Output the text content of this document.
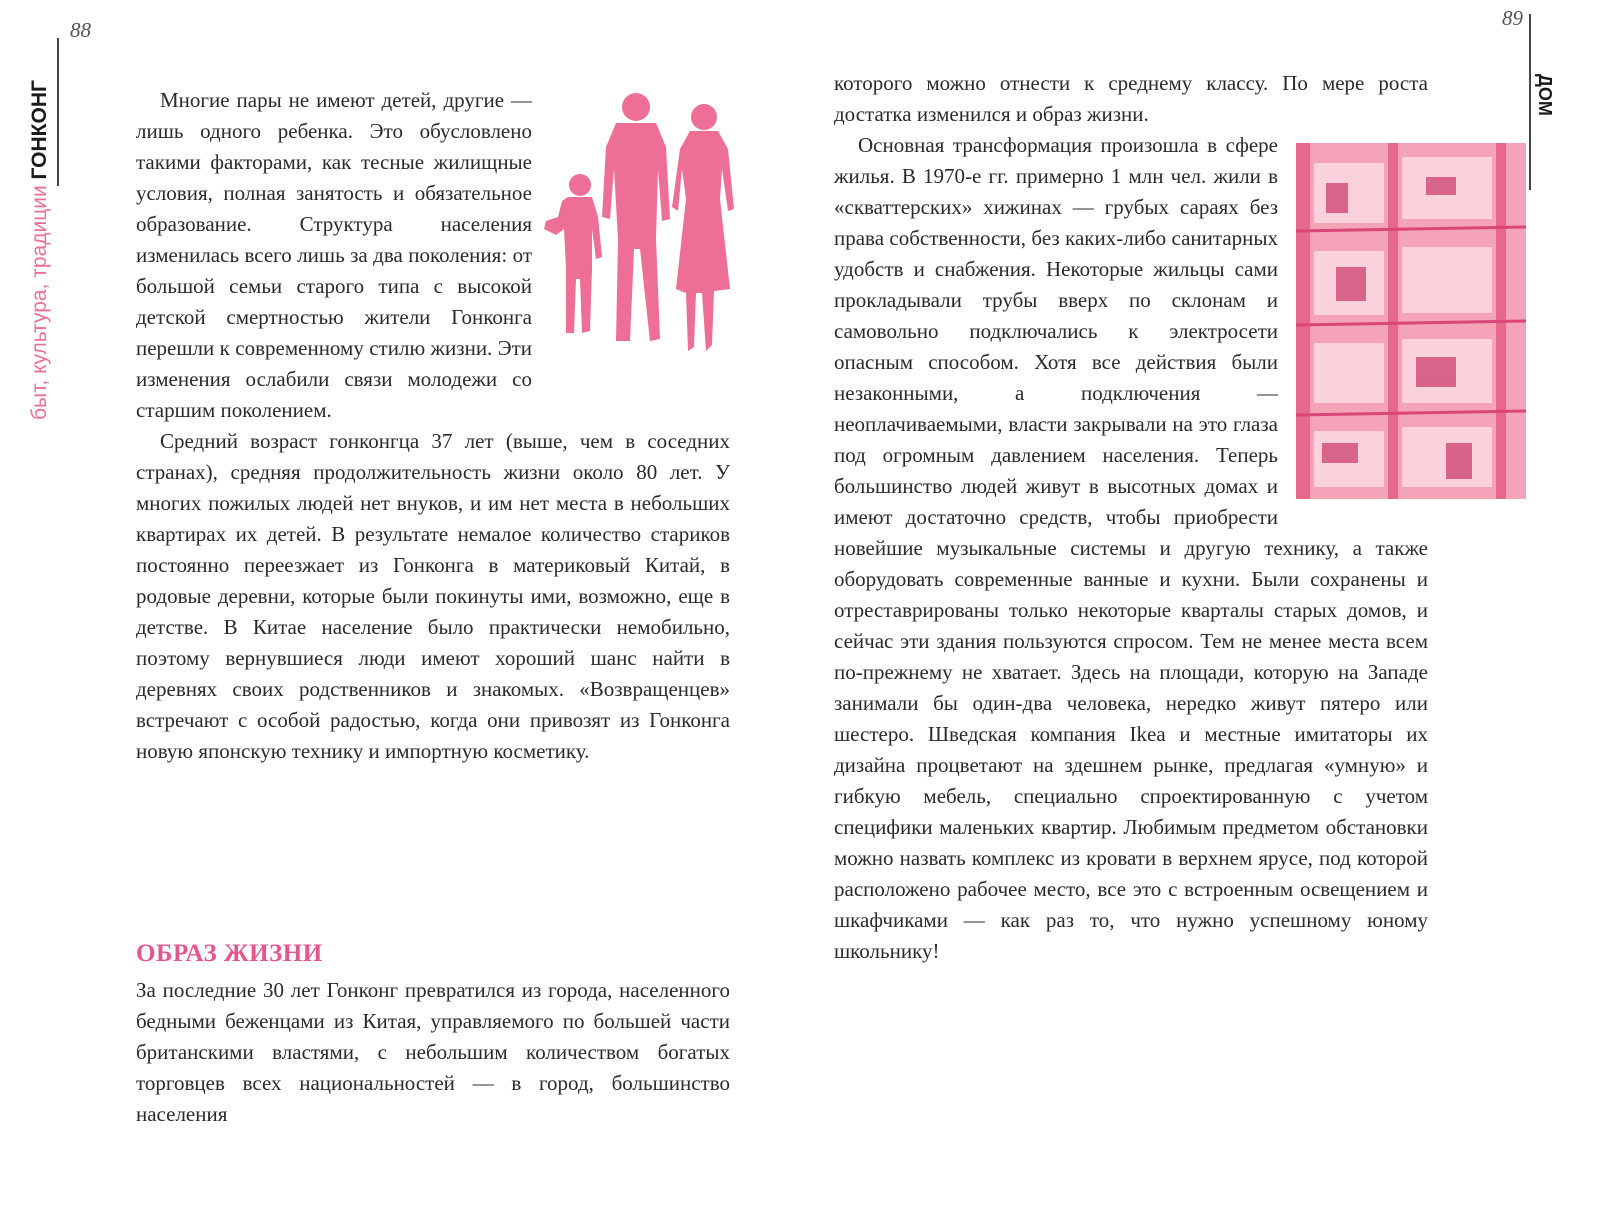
88
быт, культура, традиции ГОНКОНГ	Многие пары не имеют детей, другие — лишь одного ребенка. Это обусловлено такими факторами, как тесные жилищные условия, полная занятость и обязательное образование. Структура населения изменилась всего лишь за два поколения: от большой семьи старого типа с высокой детской смертностью жители Гонконга перешли к современному стилю жизни. Эти изменения ослабили связи молодежи со старшим поколением.

Средний возраст гонконгца 37 лет (выше, чем в соседних странах), средняя продолжительность жизни около 80 лет. У многих пожилых людей нет внуков, и им нет места в небольших квартирах их детей. В результате немалое количество стариков постоянно переезжает из Гонконга в материковый Китай, в родовые деревни, которые были покинуты ими, возможно, еще в детстве. В Китае население было практически немобильно, поэтому вернувшиеся люди имеют хороший шанс найти в деревнях своих родственников и знакомых. «Возвращенцев» встречают с особой радостью, когда они привозят из Гонконга новую японскую технику и импортную косметику.

ОБРАЗ ЖИЗНИ

За последние 30 лет Гонконг превратился из города, населенного бедными беженцами из Китая, управляемого по большей части британскими властями, с небольшим количеством богатых торговцев всех национальностей — в город, большинство населения

89
ДОМ

которого можно отнести к среднему классу. По мере роста достатка изменился и образ жизни.

Основная трансформация произошла в сфере жилья. В 1970-е гг. примерно 1 млн чел. жили в «скваттерских» хижинах — грубых сараях без права собственности, без каких-либо санитарных удобств и снабжения. Некоторые жильцы сами прокладывали трубы вверх по склонам и самовольно подключались к электросети опасным способом. Хотя все действия были незаконными, а подключения — неоплачиваемыми, власти закрывали на это глаза под огромным давлением населения. Теперь большинство людей живут в высотных домах и имеют достаточно средств, чтобы приобрести новейшие музыкальные системы и другую технику, а также оборудовать современные ванные и кухни. Были сохранены и отреставрированы только некоторые кварталы старых домов, и сейчас эти здания пользуются спросом. Тем не менее места всем по-прежнему не хватает. Здесь на площади, которую на Западе занимали бы один-два человека, нередко живут пятеро или шестеро. Шведская компания Ikea и местные имитаторы их дизайна процветают на здешнем рынке, предлагая «умную» и гибкую мебель, специально спроектированную с учетом специфики маленьких квартир. Любимым предметом обстановки можно назвать комплекс из кровати в верхнем ярусе, под которой расположено рабочее место, все это с встроенным освещением и шкафчиками — как раз то, что нужно успешному юному школьнику!
